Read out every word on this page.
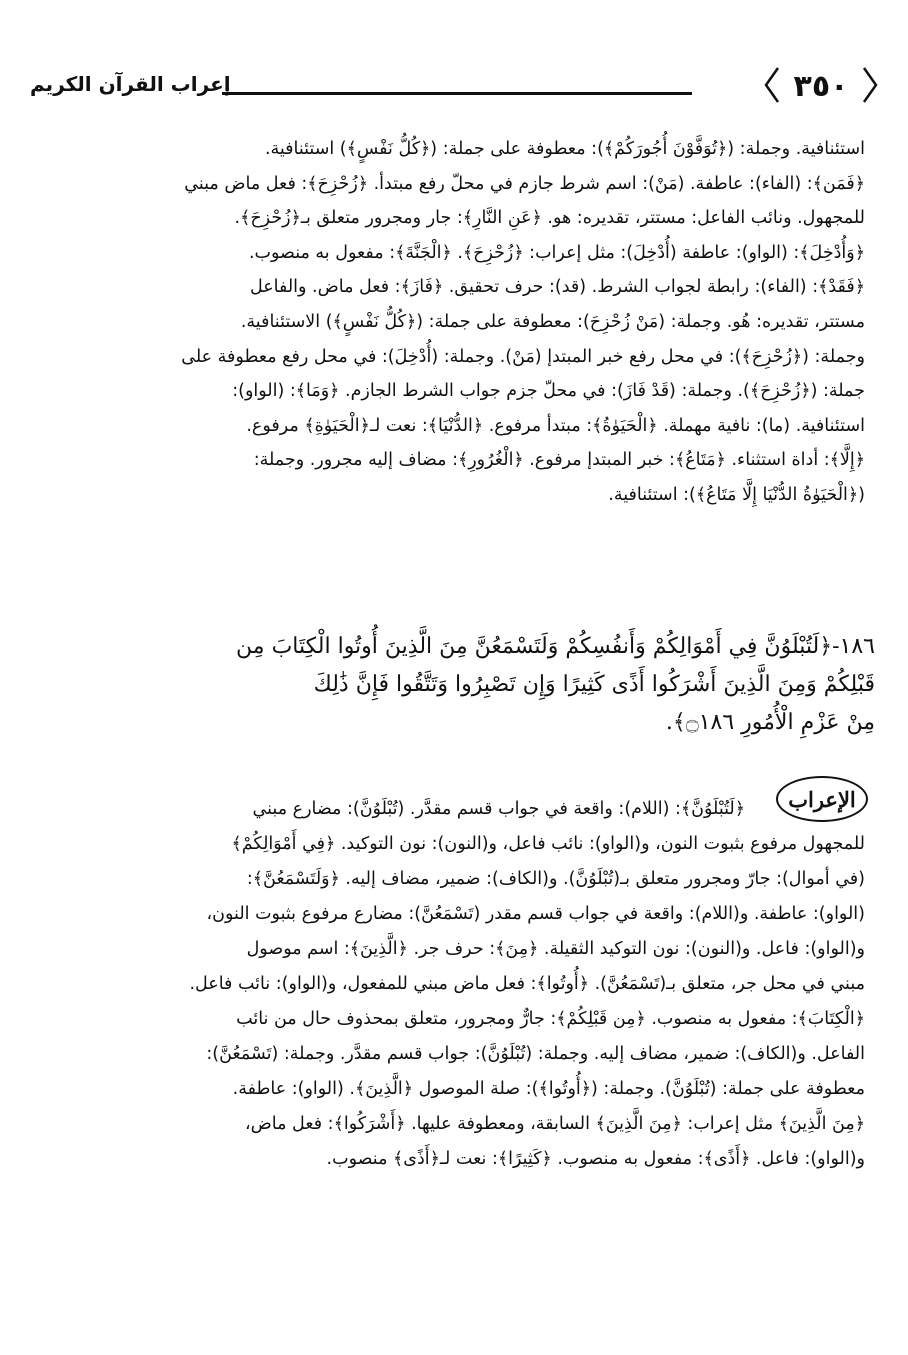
٣٥٠
إعراب القرآن الكريم

استئنافية. وجملة: (﴿تُوَفَّوْنَ أُجُورَكُمْ﴾): معطوفة على جملة: (﴿كُلُّ نَفْسٍ﴾) استئنافية.

﴿فَمَن﴾: (الفاء): عاطفة. (مَنْ): اسم شرط جازم في محلّ رفع مبتدأ. ﴿زُحْزِحَ﴾: فعل ماض مبني

للمجهول. ونائب الفاعل: مستتر، تقديره: هو. ﴿عَنِ النَّارِ﴾: جار ومجرور متعلق بـ﴿زُحْزِحَ﴾.

﴿وَأُدْخِلَ﴾: (الواو): عاطفة (أُدْخِلَ): مثل إعراب: ﴿زُحْزِحَ﴾. ﴿الْجَنَّةَ﴾: مفعول به منصوب.

﴿فَقَدْ﴾: (الفاء): رابطة لجواب الشرط. (قد): حرف تحقيق. ﴿فَازَ﴾: فعل ماض. والفاعل

مستتر، تقديره: هُو. وجملة: (مَنْ زُحْزِحَ): معطوفة على جملة: (﴿كُلُّ نَفْسٍ﴾) الاستئنافية.

وجملة: (﴿زُحْزِحَ﴾): في محل رفع خبر المبتدإ (مَنْ). وجملة: (أُدْخِلَ): في محل رفع معطوفة على

جملة: (﴿زُحْزِحَ﴾). وجملة: (قَدْ فَازَ): في محلّ جزم جواب الشرط الجازم. ﴿وَمَا﴾: (الواو):

استئنافية. (ما): نافية مهملة. ﴿الْحَيَوٰةُ﴾: مبتدأ مرفوع. ﴿الدُّنْيَا﴾: نعت لـ﴿الْحَيَوٰةِ﴾ مرفوع.

﴿إِلَّا﴾: أداة استثناء. ﴿مَتَاعُ﴾: خبر المبتدإ مرفوع. ﴿الْغُرُورِ﴾: مضاف إليه مجرور. وجملة:

(﴿الْحَيَوٰةُ الدُّنْيَا إِلَّا مَتَاعُ﴾): استئنافية.

١٨٦-﴿لَتُبْلَوُنَّ فِي أَمْوَالِكُمْ وَأَنفُسِكُمْ وَلَتَسْمَعُنَّ مِنَ الَّذِينَ أُوتُوا الْكِتَابَ مِن

قَبْلِكُمْ وَمِنَ الَّذِينَ أَشْرَكُوا أَذًى كَثِيرًا وَإِن تَصْبِرُوا وَتَتَّقُوا فَإِنَّ ذَٰلِكَ

مِنْ عَزْمِ الْأُمُورِ ۝١٨٦﴾.

الإعراب

﴿لَتُبْلَوُنَّ﴾: (اللام): واقعة في جواب قسم مقدَّر. (تُبْلَوُنَّ): مضارع مبني

للمجهول مرفوع بثبوت النون، و(الواو): نائب فاعل، و(النون): نون التوكيد. ﴿فِي أَمْوَالِكُمْ﴾

(في أموال): جارّ ومجرور متعلق بـ(تُبْلَوُنَّ). و(الكاف): ضمير، مضاف إليه. ﴿وَلَتَسْمَعُنَّ﴾:

(الواو): عاطفة. و(اللام): واقعة في جواب قسم مقدر (تَسْمَعُنَّ): مضارع مرفوع بثبوت النون،

و(الواو): فاعل. و(النون): نون التوكيد الثقيلة. ﴿مِنَ﴾: حرف جر. ﴿الَّذِينَ﴾: اسم موصول

مبني في محل جر، متعلق بـ(تَسْمَعُنَّ). ﴿أُوتُوا﴾: فعل ماض مبني للمفعول، و(الواو): نائب فاعل.

﴿الْكِتَابَ﴾: مفعول به منصوب. ﴿مِن قَبْلِكُمْ﴾: جارٌّ ومجرور، متعلق بمحذوف حال من نائب

الفاعل. و(الكاف): ضمير، مضاف إليه. وجملة: (تُبْلَوُنَّ): جواب قسم مقدَّر. وجملة: (تَسْمَعُنَّ):

معطوفة على جملة: (تُبْلَوُنَّ). وجملة: (﴿أُوتُوا﴾): صلة الموصول ﴿الَّذِينَ﴾. (الواو): عاطفة.

﴿مِنَ الَّذِينَ﴾ مثل إعراب: ﴿مِنَ الَّذِينَ﴾ السابقة، ومعطوفة عليها. ﴿أَشْرَكُوا﴾: فعل ماض،

و(الواو): فاعل. ﴿أَذًى﴾: مفعول به منصوب. ﴿كَثِيرًا﴾: نعت لـ﴿أَذًى﴾ منصوب.
